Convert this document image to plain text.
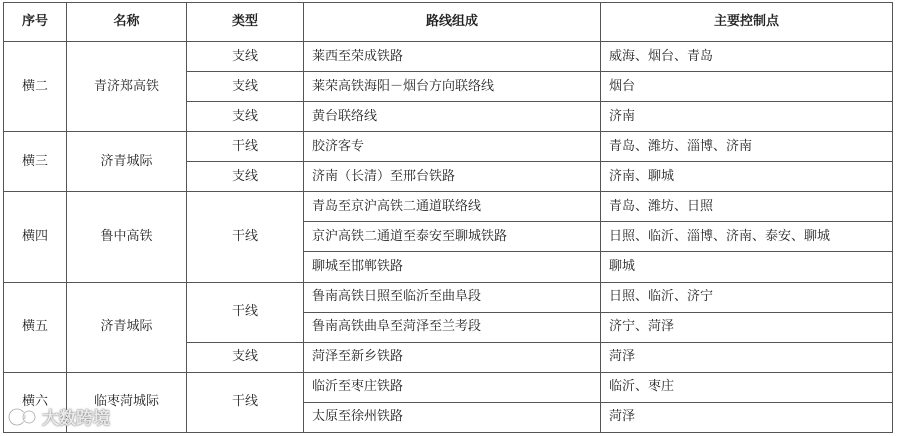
序号	名称	类型	路线组成	主要控制点
横二	青济郑高铁	支线	莱西至荣成铁路	威海、烟台、青岛
		支线	莱荣高铁海阳－烟台方向联络线	烟台
		支线	黄台联络线	济南
横三	济青城际	干线	胶济客专	青岛、潍坊、淄博、济南
		支线	济南（长清）至邢台铁路	济南、聊城
横四	鲁中高铁	干线	青岛至京沪高铁二通道联络线	青岛、潍坊、日照
			京沪高铁二通道至泰安至聊城铁路	日照、临沂、淄博、济南、泰安、聊城
			聊城至邯郸铁路	聊城
横五	济青城际	干线	鲁南高铁日照至临沂至曲阜段	日照、临沂、济宁
			鲁南高铁曲阜至菏泽至兰考段	济宁、菏泽
		支线	菏泽至新乡铁路	菏泽
横六	临枣菏城际	干线	临沂至枣庄铁路	临沂、枣庄
			太原至徐州铁路	菏泽
大数跨境
